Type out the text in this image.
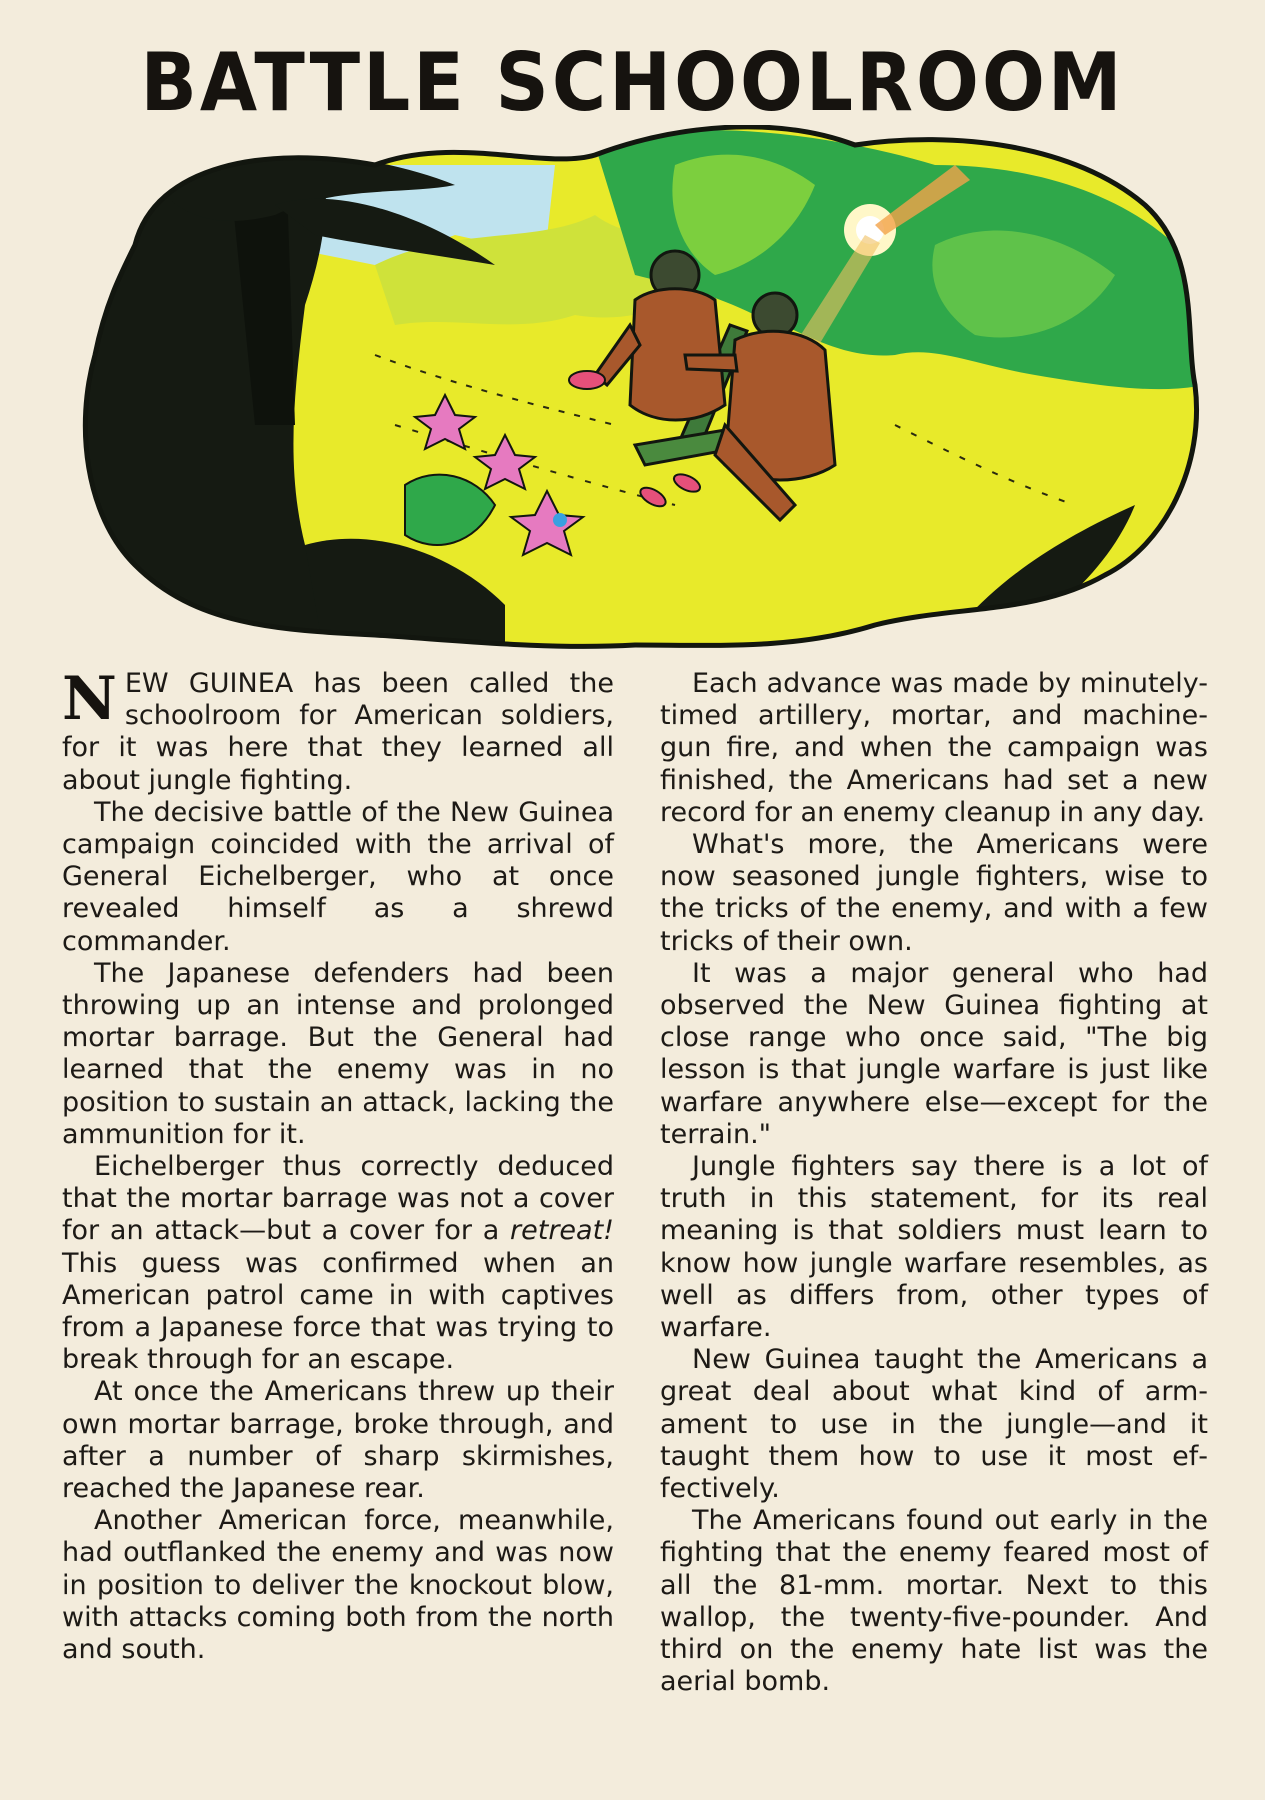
BATTLE SCHOOLROOM

NEW GUINEA has been called the schoolroom for American soldiers, for it was here that they learned all about jungle fighting.

The decisive battle of the New Guinea campaign coincided with the arrival of General Eichelberger, who at once revealed himself as a shrewd commander.

The Japanese defenders had been throwing up an intense and prolonged mortar barrage. But the General had learned that the enemy was in no position to sustain an attack, lacking the ammunition for it.

Eichelberger thus correctly deduced that the mortar barrage was not a cover for an attack—but a cover for a retreat! This guess was confirmed when an American patrol came in with captives from a Japanese force that was trying to break through for an escape.

At once the Americans threw up their own mortar barrage, broke through, and after a number of sharp skirmishes, reached the Japanese rear.

Another American force, meanwhile, had outflanked the enemy and was now in position to deliver the knockout blow, with attacks coming both from the north and south.

Each advance was made by minutely-timed artillery, mortar, and machine-gun fire, and when the campaign was finished, the Americans had set a new record for an enemy cleanup in any day.

What's more, the Americans were now seasoned jungle fighters, wise to the tricks of the enemy, and with a few tricks of their own.

It was a major general who had observed the New Guinea fighting at close range who once said, "The big lesson is that jungle warfare is just like warfare anywhere else—except for the terrain."

Jungle fighters say there is a lot of truth in this statement, for its real meaning is that soldiers must learn to know how jungle warfare resembles, as well as differs from, other types of warfare.

New Guinea taught the Americans a great deal about what kind of armament to use in the jungle—and it taught them how to use it most effectively.

The Americans found out early in the fighting that the enemy feared most of all the 81-mm. mortar. Next to this wallop, the twenty-five-pounder. And third on the enemy hate list was the aerial bomb.
